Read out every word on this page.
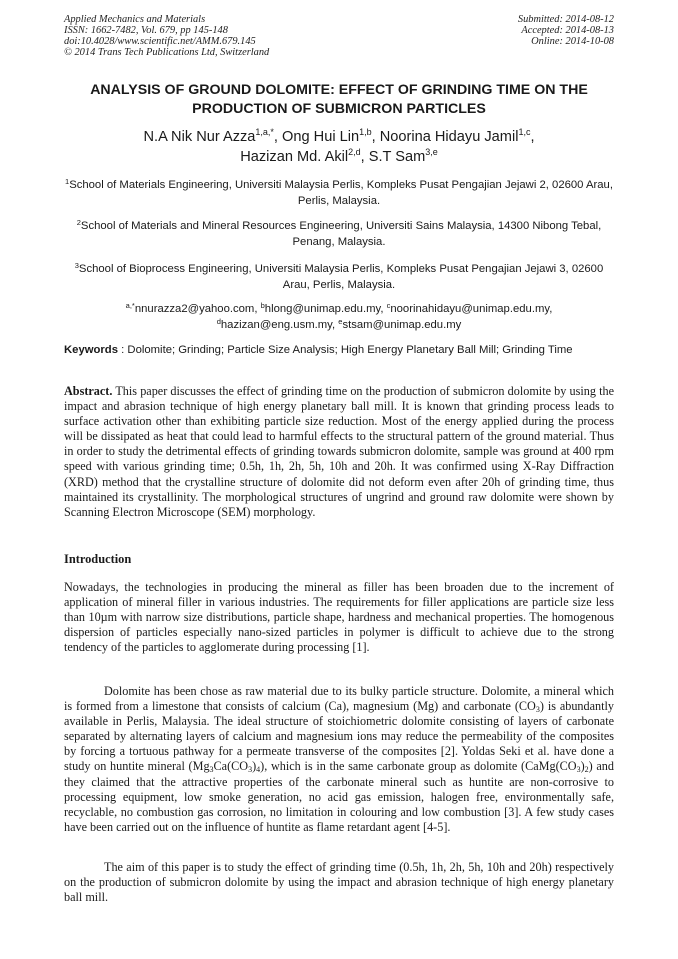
Applied Mechanics and Materials
ISSN: 1662-7482, Vol. 679, pp 145-148
doi:10.4028/www.scientific.net/AMM.679.145
© 2014 Trans Tech Publications Ltd, Switzerland
Submitted: 2014-08-12
Accepted: 2014-08-13
Online: 2014-10-08
ANALYSIS OF GROUND DOLOMITE: EFFECT OF GRINDING TIME ON THE PRODUCTION OF SUBMICRON PARTICLES
N.A Nik Nur Azza$^{1,a,*}$, Ong Hui Lin$^{1,b}$, Noorina Hidayu Jamil$^{1,c}$,
Hazizan Md. Akil$^{2,d}$, S.T Sam$^{3,e}$
$^1$School of Materials Engineering, Universiti Malaysia Perlis, Kompleks Pusat Pengajian Jejawi 2, 02600 Arau, Perlis, Malaysia.
$^2$School of Materials and Mineral Resources Engineering, Universiti Sains Malaysia, 14300 Nibong Tebal, Penang, Malaysia.
$^3$School of Bioprocess Engineering, Universiti Malaysia Perlis, Kompleks Pusat Pengajian Jejawi 3, 02600 Arau, Perlis, Malaysia.
$^{a,*}$nnurazza2@yahoo.com, $^b$hlong@unimap.edu.my, $^c$noorinahidayu@unimap.edu.my,
$^d$hazizan@eng.usm.my, $^e$stsam@unimap.edu.my
Keywords : Dolomite; Grinding; Particle Size Analysis; High Energy Planetary Ball Mill; Grinding Time
Abstract. This paper discusses the effect of grinding time on the production of submicron dolomite by using the impact and abrasion technique of high energy planetary ball mill. It is known that grinding process leads to surface activation other than exhibiting particle size reduction. Most of the energy applied during the process will be dissipated as heat that could lead to harmful effects to the structural pattern of the ground material. Thus in order to study the detrimental effects of grinding towards submicron dolomite, sample was ground at 400 rpm speed with various grinding time; 0.5h, 1h, 2h, 5h, 10h and 20h. It was confirmed using X-Ray Diffraction (XRD) method that the crystalline structure of dolomite did not deform even after 20h of grinding time, thus maintained its crystallinity. The morphological structures of ungrind and ground raw dolomite were shown by Scanning Electron Microscope (SEM) morphology.
Introduction
Nowadays, the technologies in producing the mineral as filler has been broaden due to the increment of application of mineral filler in various industries. The requirements for filler applications are particle size less than 10µm with narrow size distributions, particle shape, hardness and mechanical properties. The homogenous dispersion of particles especially nano-sized particles in polymer is difficult to achieve due to the strong tendency of the particles to agglomerate during processing [1].
Dolomite has been chose as raw material due to its bulky particle structure. Dolomite, a mineral which is formed from a limestone that consists of calcium (Ca), magnesium (Mg) and carbonate $(CO_3)$ is abundantly available in Perlis, Malaysia. The ideal structure of stoichiometric dolomite consisting of layers of carbonate separated by alternating layers of calcium and magnesium ions may reduce the permeability of the composites by forcing a tortuous pathway for a permeate transverse of the composites [2]. Yoldas Seki et al. have done a study on huntite mineral $(Mg_3Ca(CO_3)_4)$, which is in the same carbonate group as dolomite $(CaMg(CO_3)_2)$ and they claimed that the attractive properties of the carbonate mineral such as huntite are non-corrosive to processing equipment, low smoke generation, no acid gas emission, halogen free, environmentally safe, recyclable, no combustion gas corrosion, no limitation in colouring and low combustion [3]. A few study cases have been carried out on the influence of huntite as flame retardant agent [4-5].
The aim of this paper is to study the effect of grinding time (0.5h, 1h, 2h, 5h, 10h and 20h) respectively on the production of submicron dolomite by using the impact and abrasion technique of high energy planetary ball mill.
